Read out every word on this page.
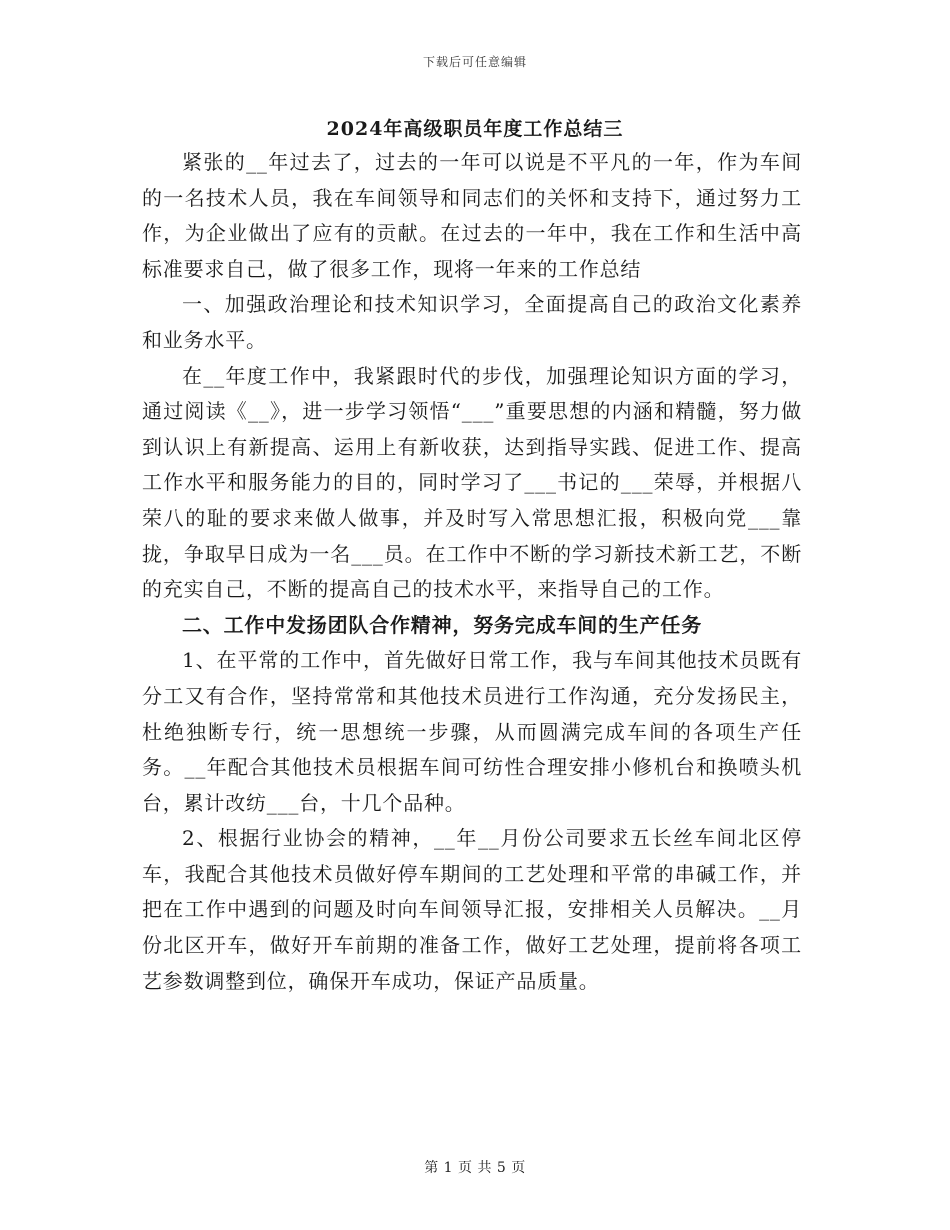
下载后可任意编辑
2024年高级职员年度工作总结三

紧张的__年过去了，过去的一年可以说是不平凡的一年，作为车间的一名技术人员，我在车间领导和同志们的关怀和支持下，通过努力工作，为企业做出了应有的贡献。在过去的一年中，我在工作和生活中高标准要求自己，做了很多工作，现将一年来的工作总结

一、加强政治理论和技术知识学习，全面提高自己的政治文化素养和业务水平。

在__年度工作中，我紧跟时代的步伐，加强理论知识方面的学习，通过阅读《__》，进一步学习领悟“___”重要思想的内涵和精髓，努力做到认识上有新提高、运用上有新收获，达到指导实践、促进工作、提高工作水平和服务能力的目的，同时学习了___书记的___荣辱，并根据八荣八的耻的要求来做人做事，并及时写入常思想汇报，积极向党___靠拢，争取早日成为一名___员。在工作中不断的学习新技术新工艺，不断的充实自己，不断的提高自己的技术水平，来指导自己的工作。

二、工作中发扬团队合作精神，努务完成车间的生产任务

1、在平常的工作中，首先做好日常工作，我与车间其他技术员既有分工又有合作，坚持常常和其他技术员进行工作沟通，充分发扬民主，杜绝独断专行，统一思想统一步骤，从而圆满完成车间的各项生产任务。__年配合其他技术员根据车间可纺性合理安排小修机台和换喷头机台，累计改纺___台，十几个品种。

2、根据行业协会的精神，__年__月份公司要求五长丝车间北区停车，我配合其他技术员做好停车期间的工艺处理和平常的串碱工作，并把在工作中遇到的问题及时向车间领导汇报，安排相关人员解决。__月份北区开车，做好开车前期的准备工作，做好工艺处理，提前将各项工艺参数调整到位，确保开车成功，保证产品质量。

第 1 页 共 5 页
